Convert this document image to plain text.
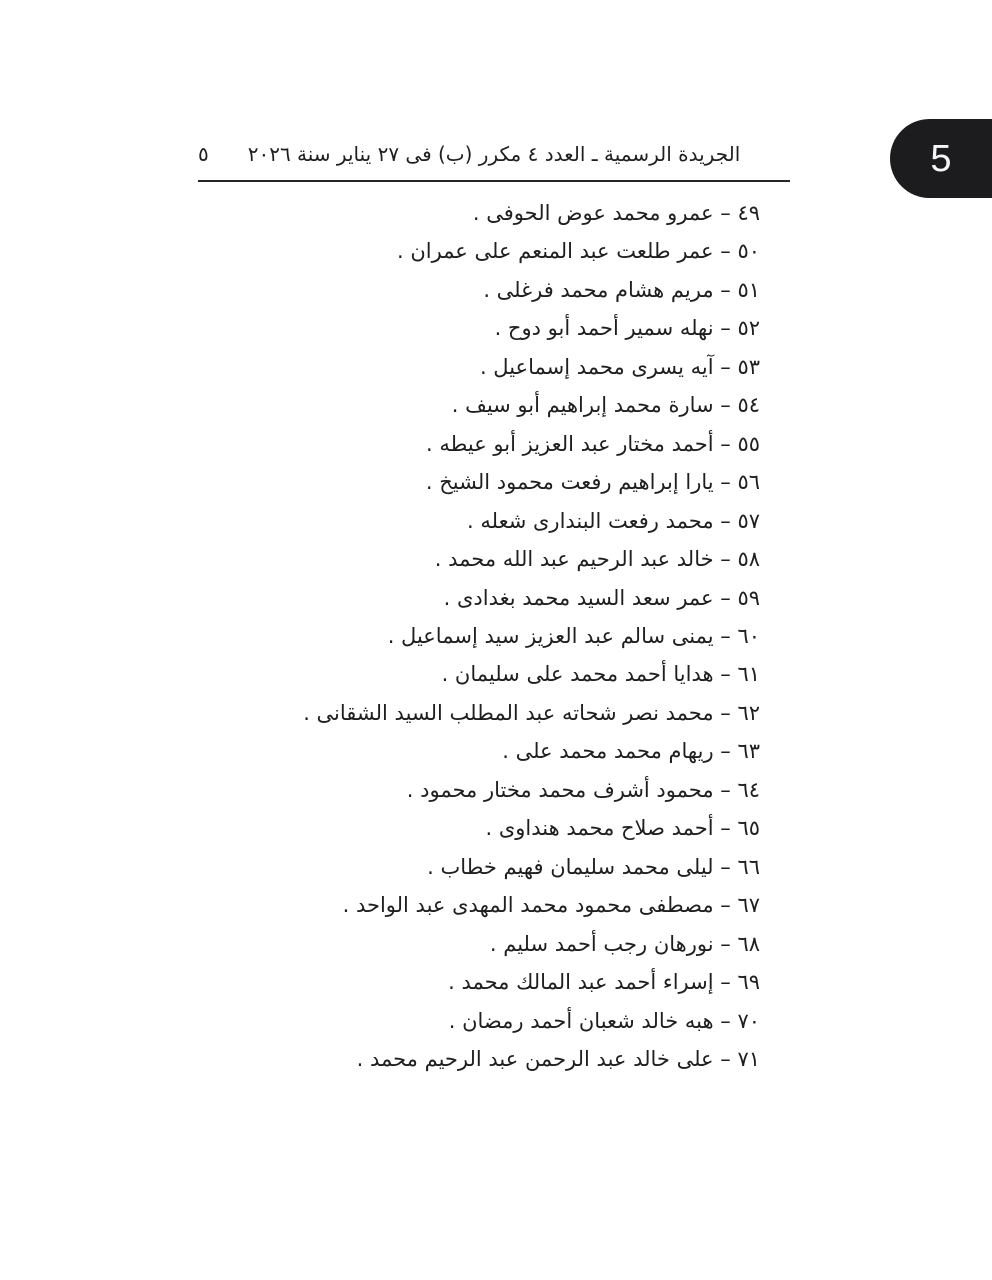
5
٥	الجريدة الرسمية ـ العدد ٤ مكرر (ب) فى ٢٧ يناير سنة ٢٠٢٦
٤٩ – عمرو محمد عوض الحوفى .
٥٠ – عمر طلعت عبد المنعم على عمران .
٥١ – مريم هشام محمد فرغلى .
٥٢ – نهله سمير أحمد أبو دوح .
٥٣ – آيه يسرى محمد إسماعيل .
٥٤ – سارة محمد إبراهيم أبو سيف .
٥٥ – أحمد مختار عبد العزيز أبو عيطه .
٥٦ – يارا إبراهيم رفعت محمود الشيخ .
٥٧ – محمد رفعت البندارى شعله .
٥٨ – خالد عبد الرحيم عبد الله محمد .
٥٩ – عمر سعد السيد محمد بغدادى .
٦٠ – يمنى سالم عبد العزيز سيد إسماعيل .
٦١ – هدايا أحمد محمد على سليمان .
٦٢ – محمد نصر شحاته عبد المطلب السيد الشقانى .
٦٣ – ريهام محمد محمد على .
٦٤ – محمود أشرف محمد مختار محمود .
٦٥ – أحمد صلاح محمد هنداوى .
٦٦ – ليلى محمد سليمان فهيم خطاب .
٦٧ – مصطفى محمود محمد المهدى عبد الواحد .
٦٨ – نورهان رجب أحمد سليم .
٦٩ – إسراء أحمد عبد المالك محمد .
٧٠ – هبه خالد شعبان أحمد رمضان .
٧١ – على خالد عبد الرحمن عبد الرحيم محمد .
